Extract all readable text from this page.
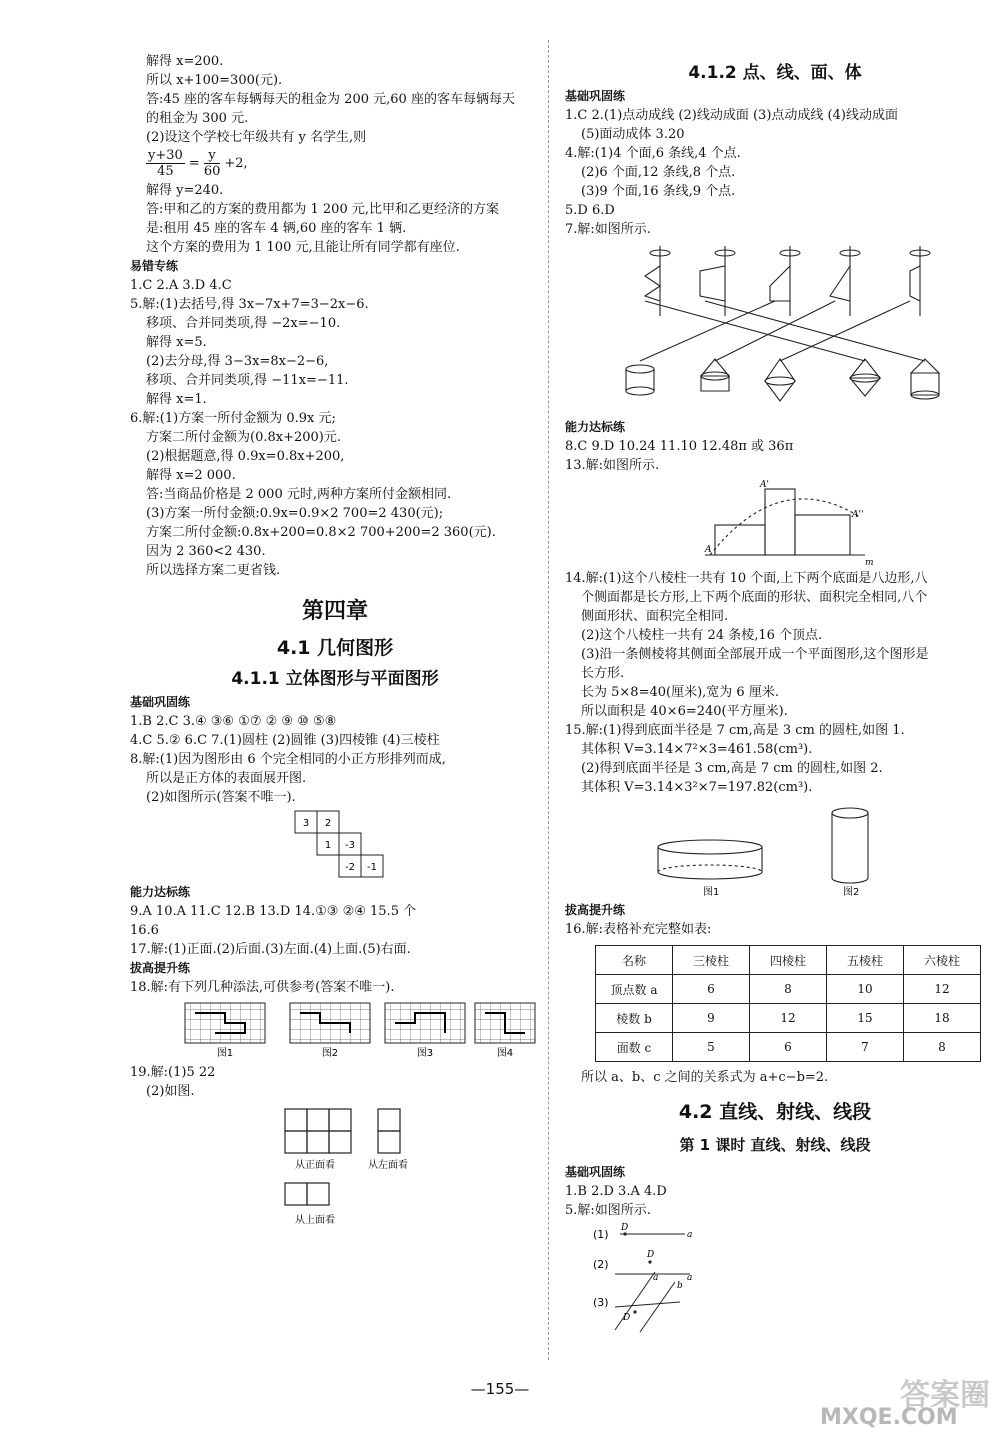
解得 x=200.
所以 x+100=300(元).
答:45 座的客车每辆每天的租金为 200 元,60 座的客车每辆每天
的租金为 300 元.
(2)设这个学校七年级共有 y 名学生,则
$\frac{y+30}{45} = \frac{y}{60} +2$,
解得 y=240.
答:甲和乙的方案的费用都为 1 200 元,比甲和乙更经济的方案
是:租用 45 座的客车 4 辆,60 座的客车 1 辆.
这个方案的费用为 1 100 元,且能让所有同学都有座位.
易错专练
1.C 2.A 3.D 4.C
5.解:(1)去括号,得 3x−7x+7=3−2x−6.
移项、合并同类项,得 −2x=−10.
解得 x=5.
(2)去分母,得 3−3x=8x−2−6,
移项、合并同类项,得 −11x=−11.
解得 x=1.
6.解:(1)方案一所付金额为 0.9x 元;
方案二所付金额为(0.8x+200)元.
(2)根据题意,得 0.9x=0.8x+200,
解得 x=2 000.
答:当商品价格是 2 000 元时,两种方案所付金额相同.
(3)方案一所付金额:0.9x=0.9×2 700=2 430(元);
方案二所付金额:0.8x+200=0.8×2 700+200=2 360(元).
因为 2 360<2 430.
所以选择方案二更省钱.
第四章
4.1 几何图形
4.1.1 立体图形与平面图形
基础巩固练
1.B 2.C 3.④ ③⑥ ①⑦ ② ⑨ ⑩ ⑤⑧
4.C 5.② 6.C 7.(1)圆柱 (2)圆锥 (3)四棱锥 (4)三棱柱
8.解:(1)因为图形由 6 个完全相同的小正方形排列而成,
所以是正方体的表面展开图.
(2)如图所示(答案不唯一).
3 2
1 -3
-2 -1
能力达标练
9.A 10.A 11.C 12.B 13.D 14.①③ ②④ 15.5 个
16.6
17.解:(1)正面.(2)后面.(3)左面.(4)上面.(5)右面.
拔高提升练
18.解:有下列几种添法,可供参考(答案不唯一).
图1	图2	图3	图4
19.解:(1)5 22
(2)如图.
从正面看	从左面看
从上面看
4.1.2 点、线、面、体
基础巩固练
1.C 2.(1)点动成线 (2)线动成面 (3)点动成线 (4)线动成面
(5)面动成体 3.20
4.解:(1)4 个面,6 条线,4 个点.
(2)6 个面,12 条线,8 个点.
(3)9 个面,16 条线,9 个点.
5.D 6.D
7.解:如图所示.
能力达标练
8.C 9.D 10.24 11.10 12.48π 或 36π
13.解:如图所示.
A'
A''
A
m
14.解:(1)这个八棱柱一共有 10 个面,上下两个底面是八边形,八
个侧面都是长方形,上下两个底面的形状、面积完全相同,八个
侧面形状、面积完全相同.
(2)这个八棱柱一共有 24 条棱,16 个顶点.
(3)沿一条侧棱将其侧面全部展开成一个平面图形,这个图形是
长方形.
长为 5×8=40(厘米),宽为 6 厘米.
所以面积是 40×6=240(平方厘米).
15.解:(1)得到底面半径是 7 cm,高是 3 cm 的圆柱,如图 1.
其体积 V=3.14×7²×3=461.58(cm³).
(2)得到底面半径是 3 cm,高是 7 cm 的圆柱,如图 2.
其体积 V=3.14×3²×7=197.82(cm³).
图1	图2
拔高提升练
16.解:表格补充完整如表:
名称	三棱柱	四棱柱	五棱柱	六棱柱
顶点数 a	6	8	10	12
棱数 b	9	12	15	18
面数 c	5	6	7	8
所以 a、b、c 之间的关系式为 a+c−b=2.
4.2 直线、射线、线段
第 1 课时 直线、射线、线段
基础巩固练
1.B 2.D 3.A 4.D
5.解:如图所示.
(1)
(2)
(3)
D
D
D
a
a
a
b
—155—	答案圈
MXQE.COM
